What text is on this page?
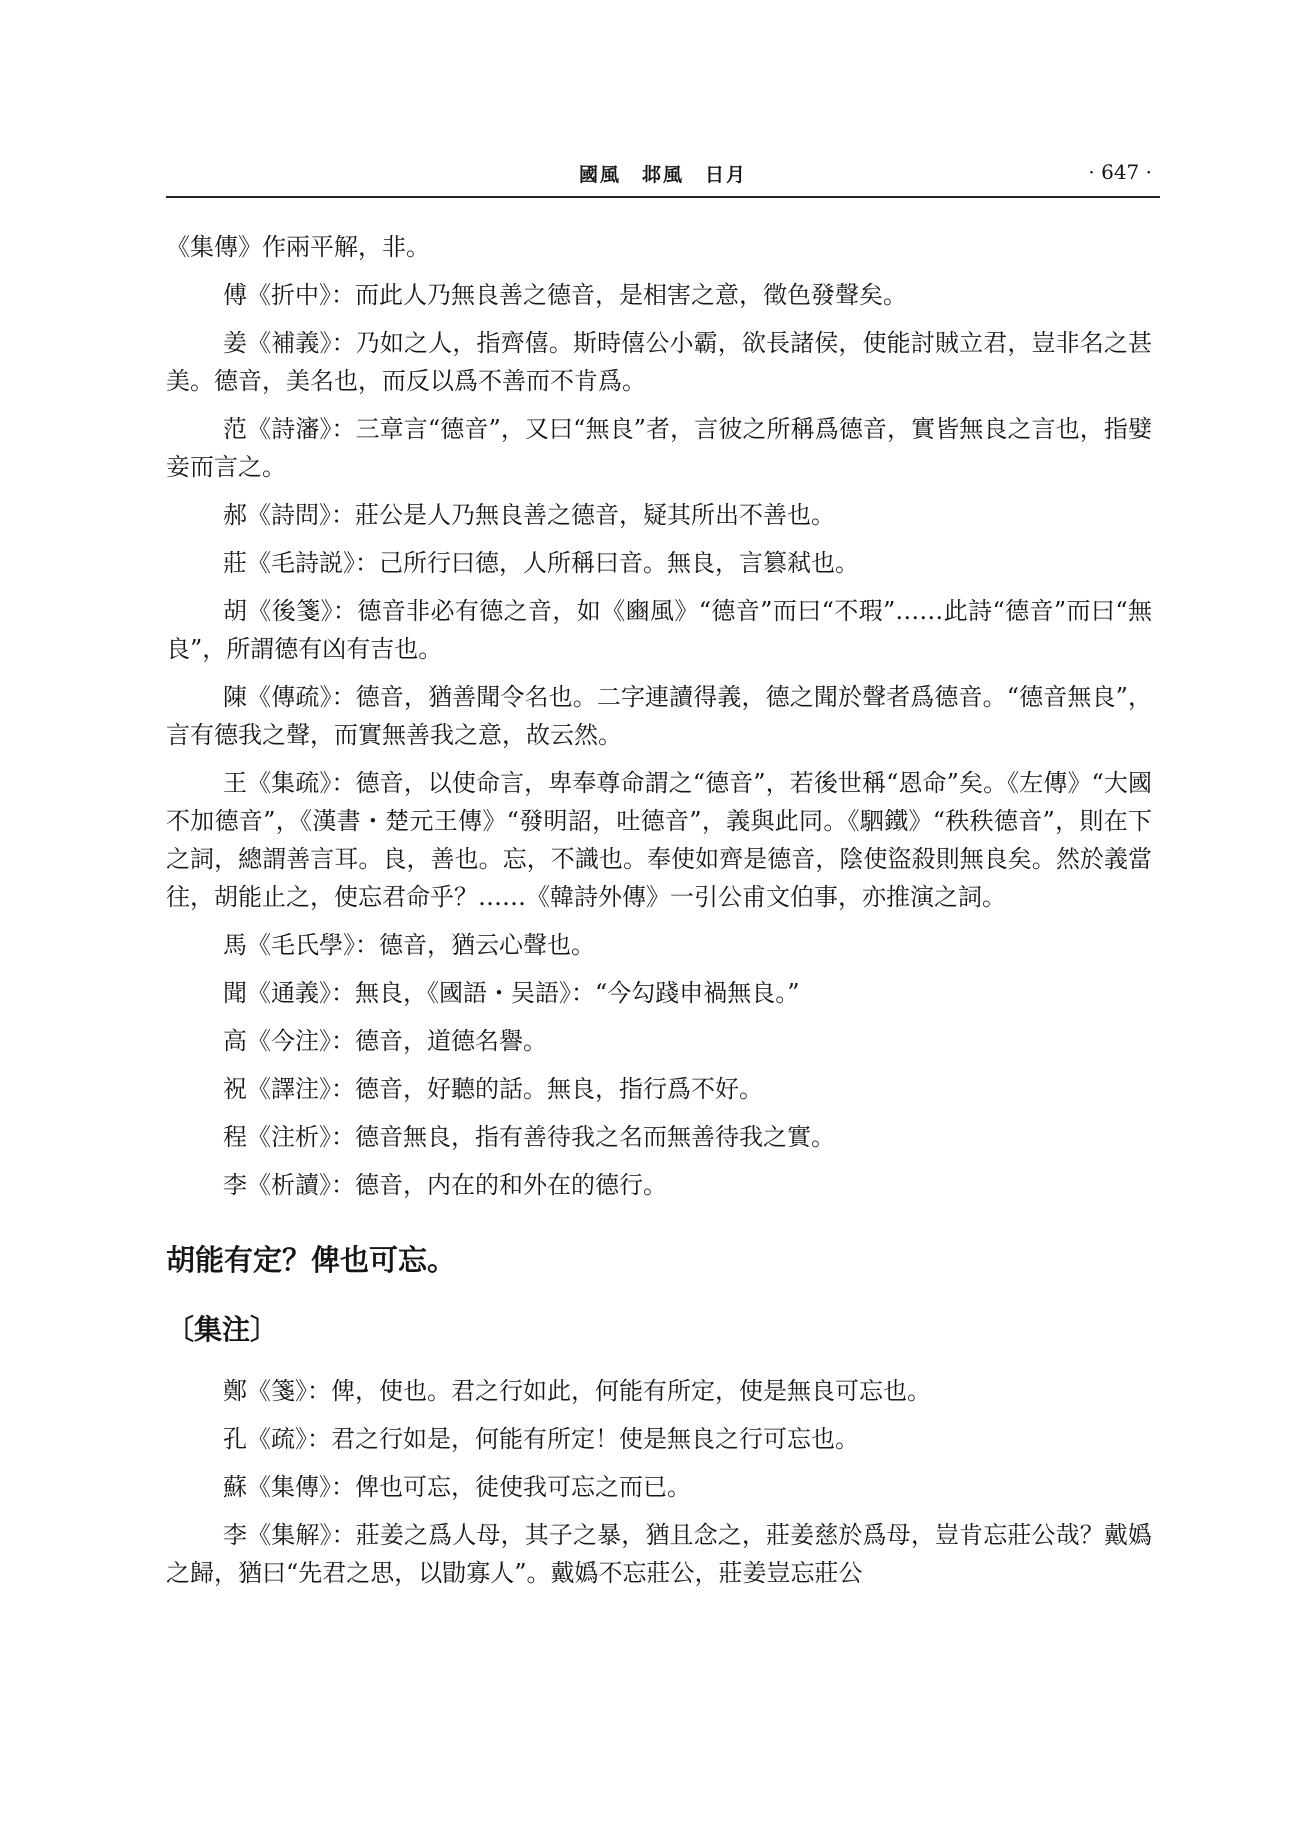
國風　邶風　日月	· 647 ·

《集傳》作兩平解，非。

傅《折中》：而此人乃無良善之德音，是相害之意，徵色發聲矣。

姜《補義》：乃如之人，指齊僖。斯時僖公小霸，欲長諸侯，使能討賊立君，豈非名之甚美。德音，美名也，而反以爲不善而不肯爲。

范《詩瀋》：三章言“德音”，又曰“無良”者，言彼之所稱爲德音，實皆無良之言也，指嬖妾而言之。

郝《詩問》：莊公是人乃無良善之德音，疑其所出不善也。

莊《毛詩説》：己所行曰德，人所稱曰音。無良，言篡弒也。

胡《後箋》：德音非必有德之音，如《豳風》“德音”而曰“不瑕”……此詩“德音”而曰“無良”，所謂德有凶有吉也。

陳《傳疏》：德音，猶善聞令名也。二字連讀得義，德之聞於聲者爲德音。“德音無良”，言有德我之聲，而實無善我之意，故云然。

王《集疏》：德音，以使命言，卑奉尊命謂之“德音”，若後世稱“恩命”矣。《左傳》“大國不加德音”，《漢書・楚元王傳》“發明詔，吐德音”，義與此同。《駟鐵》“秩秩德音”，則在下之詞，總謂善言耳。良，善也。忘，不識也。奉使如齊是德音，陰使盜殺則無良矣。然於義當往，胡能止之，使忘君命乎？……《韓詩外傳》一引公甫文伯事，亦推演之詞。

馬《毛氏學》：德音，猶云心聲也。

聞《通義》：無良，《國語・吴語》：“今勾踐申禍無良。”

高《今注》：德音，道德名譽。

祝《譯注》：德音，好聽的話。無良，指行爲不好。

程《注析》：德音無良，指有善待我之名而無善待我之實。

李《析讀》：德音，内在的和外在的德行。

胡能有定？俾也可忘。
〔集注〕

鄭《箋》：俾，使也。君之行如此，何能有所定，使是無良可忘也。

孔《疏》：君之行如是，何能有所定！使是無良之行可忘也。

蘇《集傳》：俾也可忘，徒使我可忘之而已。

李《集解》：莊姜之爲人母，其子之暴，猶且念之，莊姜慈於爲母，豈肯忘莊公哉？戴嬀之歸，猶曰“先君之思，以勖寡人”。戴嬀不忘莊公，莊姜豈忘莊公
